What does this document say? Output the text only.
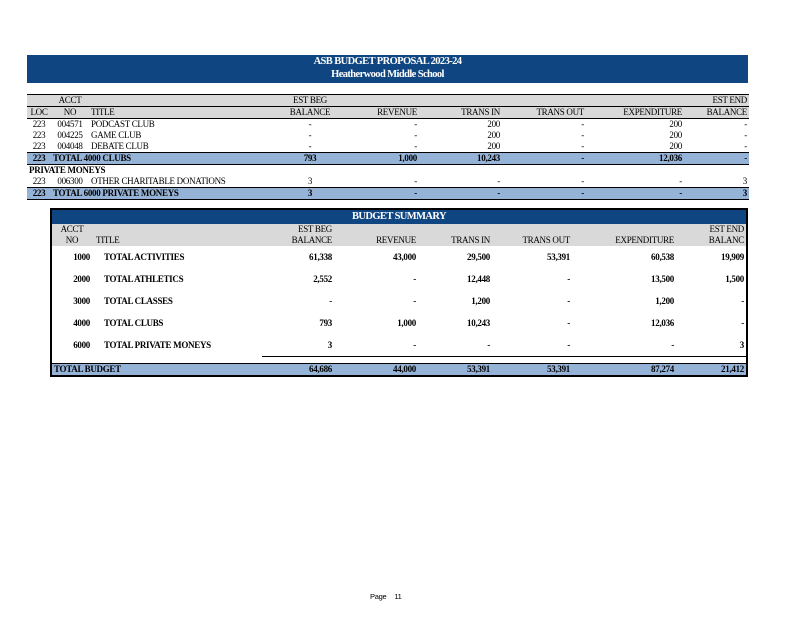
ASB BUDGET PROPOSAL 2023-24
Heatherwood Middle School
	ACCT		EST BEG					EST END
LOC	NO	TITLE	BALANCE	REVENUE	TRANS IN	TRANS OUT	EXPENDITURE	BALANCE
223	004571	PODCAST CLUB	-	-	200	-	200	-
223	004225	GAME CLUB	-	-	200	-	200	-
223	004048	DEBATE CLUB	-	-	200	-	200	-
223	TOTAL 4000 CLUBS		793	1,000	10,243	-	12,036	-
PRIVATE MONEYS								
223	006300	OTHER CHARITABLE DONATIONS	3	-	-	-	-	3
223	TOTAL 6000 PRIVATE MONEYS		3	-	-	-	-	3
BUDGET SUMMARY
ACCT		EST BEG					EST END
NO	TITLE	BALANCE	REVENUE	TRANS IN	TRANS OUT	EXPENDITURE	BALANC
1000	TOTAL ACTIVITIES	61,338	43,000	29,500	53,391	60,538	19,909
2000	TOTAL ATHLETICS	2,552	-	12,448	-	13,500	1,500
3000	TOTAL CLASSES	-	-	1,200	-	1,200	-
4000	TOTAL CLUBS	793	1,000	10,243	-	12,036	-
6000	TOTAL PRIVATE MONEYS	3	-	-	-	-	3

TOTAL BUDGET		64,686	44,000	53,391	53,391	87,274	21,412
Page 11
